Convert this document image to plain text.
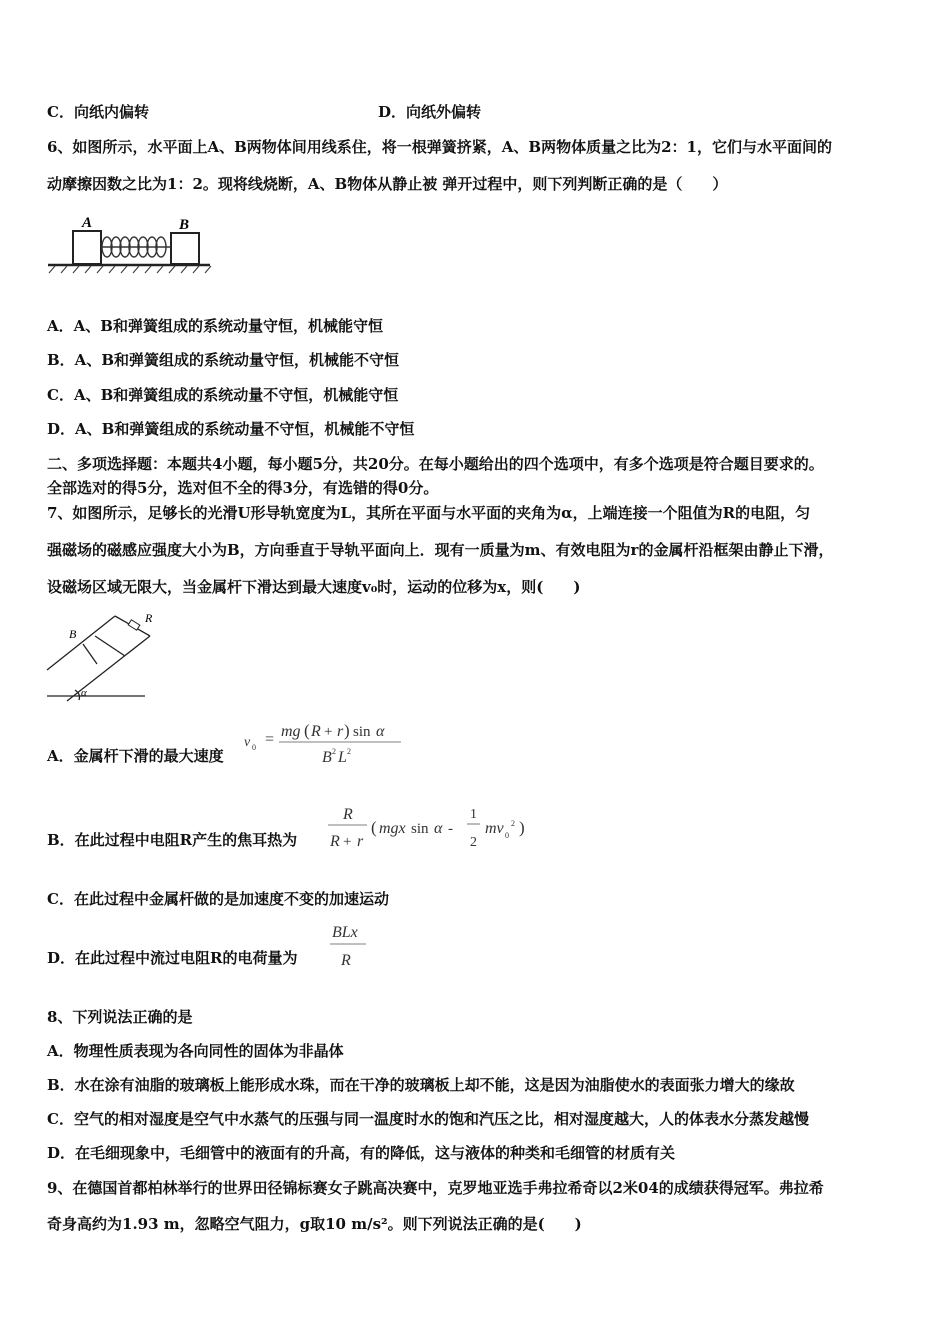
C．向纸内偏转	D．向纸外偏转
6、如图所示，水平面上A、B两物体间用线系住，将一根弹簧挤紧，A、B两物体质量之比为2：1，它们与水平面间的
动摩擦因数之比为1：2。现将线烧断，A、B物体从静止被 弹开过程中，则下列判断正确的是（　　）
A	B
A．A、B和弹簧组成的系统动量守恒，机械能守恒
B．A、B和弹簧组成的系统动量守恒，机械能不守恒
C．A、B和弹簧组成的系统动量不守恒，机械能守恒
D．A、B和弹簧组成的系统动量不守恒，机械能不守恒
二、多项选择题：本题共4小题，每小题5分，共20分。在每小题给出的四个选项中，有多个选项是符合题目要求的。
全部选对的得5分，选对但不全的得3分，有选错的得0分。
7、如图所示，足够长的光滑U形导轨宽度为L，其所在平面与水平面的夹角为α，上端连接一个阻值为R的电阻，匀
强磁场的磁感应强度大小为B，方向垂直于导轨平面向上．现有一质量为m、有效电阻为r的金属杆沿框架由静止下滑，
设磁场区域无限大，当金属杆下滑达到最大速度v₀时，运动的位移为x，则(　　)
B
R
α
A．金属杆下滑的最大速度
v 0 = mg ( R + r ) sin α
B 2 L 2
B．在此过程中电阻R产生的焦耳热为
R
R + r
( mgx sin α -
1
2
mv 0
2 )
C．在此过程中金属杆做的是加速度不变的加速运动
D．在此过程中流过电阻R的电荷量为
BLx
R
8、下列说法正确的是
A．物理性质表现为各向同性的固体为非晶体
B．水在涂有油脂的玻璃板上能形成水珠，而在干净的玻璃板上却不能，这是因为油脂使水的表面张力增大的缘故
C．空气的相对湿度是空气中水蒸气的压强与同一温度时水的饱和汽压之比，相对湿度越大，人的体表水分蒸发越慢
D．在毛细现象中，毛细管中的液面有的升高，有的降低，这与液体的种类和毛细管的材质有关
9、在德国首都柏林举行的世界田径锦标赛女子跳高决赛中，克罗地亚选手弗拉希奇以2米04的成绩获得冠军。弗拉希
奇身高约为1.93 m，忽略空气阻力，g取10 m/s²。则下列说法正确的是(　　)
